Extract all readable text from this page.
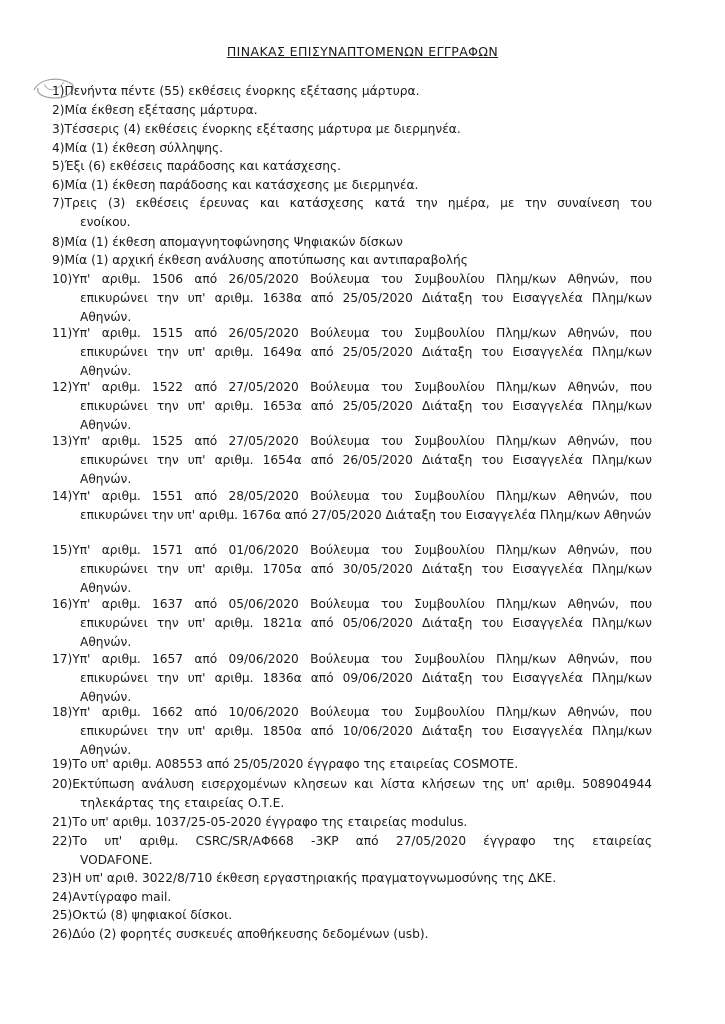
ΠΙΝΑΚΑΣ ΕΠΙΣΥΝΑΠΤΟΜΕΝΩΝ ΕΓΓΡΑΦΩΝ
1)Πενήντα πέντε (55) εκθέσεις ένορκης εξέτασης μάρτυρα.
2)Μία έκθεση εξέτασης μάρτυρα.
3)Τέσσερις (4) εκθέσεις ένορκης εξέτασης μάρτυρα με διερμηνέα.
4)Μία (1) έκθεση σύλληψης.
5)Έξι (6) εκθέσεις παράδοσης και κατάσχεσης.
6)Μία (1) έκθεση παράδοσης και κατάσχεσης με διερμηνέα.
7)Τρεις (3) εκθέσεις έρευνας και κατάσχεσης κατά την ημέρα, με την συναίνεση του
ενοίκου.
8)Μία (1) έκθεση απομαγνητοφώνησης Ψηφιακών δίσκων
9)Μία (1) αρχική έκθεση ανάλυσης αποτύπωσης και αντιπαραβολής
10)Υπ' αριθμ. 1506 από 26/05/2020 Βούλευμα του Συμβουλίου Πλημ/κων Αθηνών, που
επικυρώνει την υπ' αριθμ. 1638α από 25/05/2020 Διάταξη του Εισαγγελέα Πλημ/κων Αθηνών.
11)Υπ' αριθμ. 1515 από 26/05/2020 Βούλευμα του Συμβουλίου Πλημ/κων Αθηνών, που
επικυρώνει την υπ' αριθμ. 1649α από 25/05/2020 Διάταξη του Εισαγγελέα Πλημ/κων Αθηνών.
12)Υπ' αριθμ. 1522 από 27/05/2020 Βούλευμα του Συμβουλίου Πλημ/κων Αθηνών, που
επικυρώνει την υπ' αριθμ. 1653α από 25/05/2020 Διάταξη του Εισαγγελέα Πλημ/κων Αθηνών.
13)Υπ' αριθμ. 1525 από 27/05/2020 Βούλευμα του Συμβουλίου Πλημ/κων Αθηνών, που
επικυρώνει την υπ' αριθμ. 1654α από 26/05/2020 Διάταξη του Εισαγγελέα Πλημ/κων Αθηνών.
14)Υπ' αριθμ. 1551 από 28/05/2020 Βούλευμα του Συμβουλίου Πλημ/κων Αθηνών, που
επικυρώνει την υπ' αριθμ. 1676α από 27/05/2020 Διάταξη του Εισαγγελέα Πλημ/κων Αθηνών
15)Υπ' αριθμ. 1571 από 01/06/2020 Βούλευμα του Συμβουλίου Πλημ/κων Αθηνών, που
επικυρώνει την υπ' αριθμ. 1705α από 30/05/2020 Διάταξη του Εισαγγελέα Πλημ/κων Αθηνών.
16)Υπ' αριθμ. 1637 από 05/06/2020 Βούλευμα του Συμβουλίου Πλημ/κων Αθηνών, που
επικυρώνει την υπ' αριθμ. 1821α από 05/06/2020 Διάταξη του Εισαγγελέα Πλημ/κων Αθηνών.
17)Υπ' αριθμ. 1657 από 09/06/2020 Βούλευμα του Συμβουλίου Πλημ/κων Αθηνών, που
επικυρώνει την υπ' αριθμ. 1836α από 09/06/2020 Διάταξη του Εισαγγελέα Πλημ/κων Αθηνών.
18)Υπ' αριθμ. 1662 από 10/06/2020 Βούλευμα του Συμβουλίου Πλημ/κων Αθηνών, που
επικυρώνει την υπ' αριθμ. 1850α από 10/06/2020 Διάταξη του Εισαγγελέα Πλημ/κων Αθηνών.
19)Το υπ' αριθμ. Α08553 από 25/05/2020 έγγραφο της εταιρείας COSMOTE.
20)Εκτύπωση ανάλυση εισερχομένων κλησεων και λίστα κλήσεων της υπ' αριθμ. 508904944
τηλεκάρτας της εταιρείας Ο.Τ.Ε.
21)Το υπ' αριθμ. 1037/25-05-2020 έγγραφο της εταιρείας modulus.
22)Το υπ' αριθμ. CSRC/SR/ΑΦ668 -3ΚΡ από 27/05/2020 έγγραφο της εταιρείας
VODAFONE.
23)Η υπ' αριθ. 3022/8/710 έκθεση εργαστηριακής πραγματογνωμοσύνης της ΔΚΕ.
24)Αντίγραφο mail.
25)Οκτώ (8) ψηφιακοί δίσκοι.
26)Δύο (2) φορητές συσκευές αποθήκευσης δεδομένων (usb).
